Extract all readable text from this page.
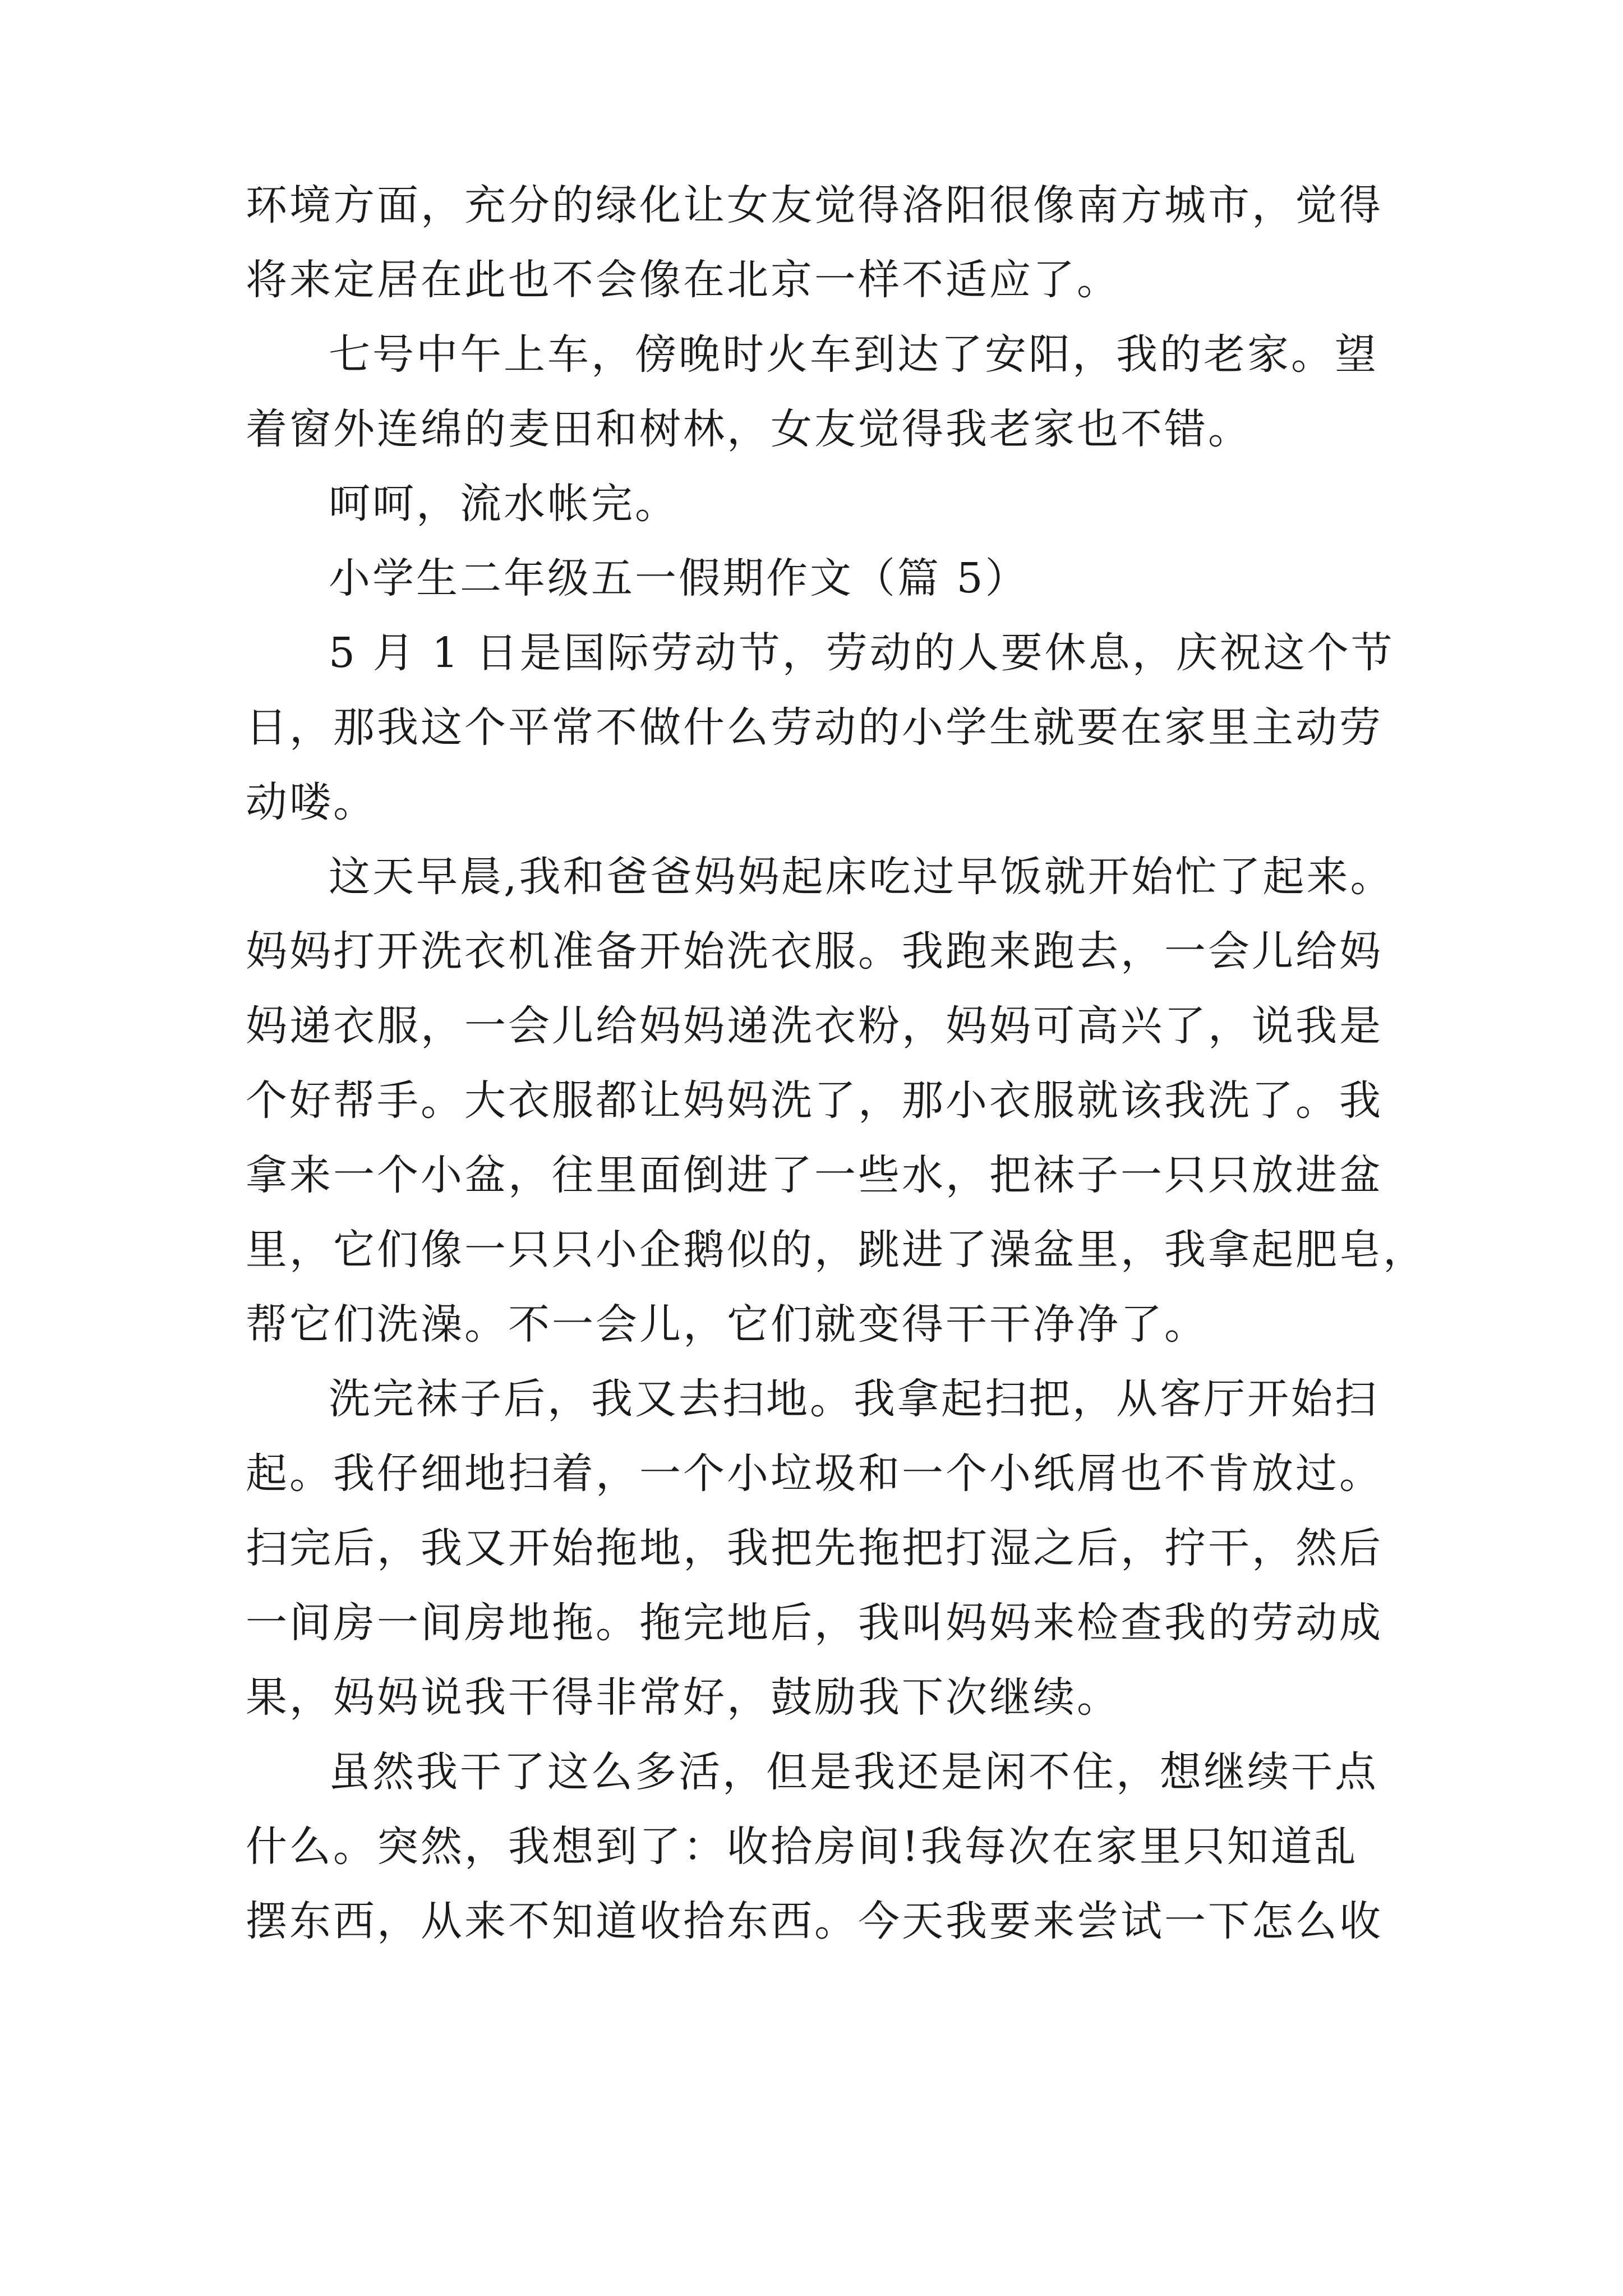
环境方面，充分的绿化让女友觉得洛阳很像南方城市，觉得
将来定居在此也不会像在北京一样不适应了。
七号中午上车，傍晚时火车到达了安阳，我的老家。望
着窗外连绵的麦田和树林，女友觉得我老家也不错。
呵呵，流水帐完。
小学生二年级五一假期作文（篇 5）
5 月 1 日是国际劳动节，劳动的人要休息，庆祝这个节
日，那我这个平常不做什么劳动的小学生就要在家里主动劳
动喽。
这天早晨,我和爸爸妈妈起床吃过早饭就开始忙了起来。
妈妈打开洗衣机准备开始洗衣服。我跑来跑去，一会儿给妈
妈递衣服，一会儿给妈妈递洗衣粉，妈妈可高兴了，说我是
个好帮手。大衣服都让妈妈洗了，那小衣服就该我洗了。我
拿来一个小盆，往里面倒进了一些水，把袜子一只只放进盆
里，它们像一只只小企鹅似的，跳进了澡盆里，我拿起肥皂，
帮它们洗澡。不一会儿，它们就变得干干净净了。
洗完袜子后，我又去扫地。我拿起扫把，从客厅开始扫
起。我仔细地扫着，一个小垃圾和一个小纸屑也不肯放过。
扫完后，我又开始拖地，我把先拖把打湿之后，拧干，然后
一间房一间房地拖。拖完地后，我叫妈妈来检查我的劳动成
果，妈妈说我干得非常好，鼓励我下次继续。
虽然我干了这么多活，但是我还是闲不住，想继续干点
什么。突然，我想到了：收拾房间!我每次在家里只知道乱
摆东西，从来不知道收拾东西。今天我要来尝试一下怎么收
